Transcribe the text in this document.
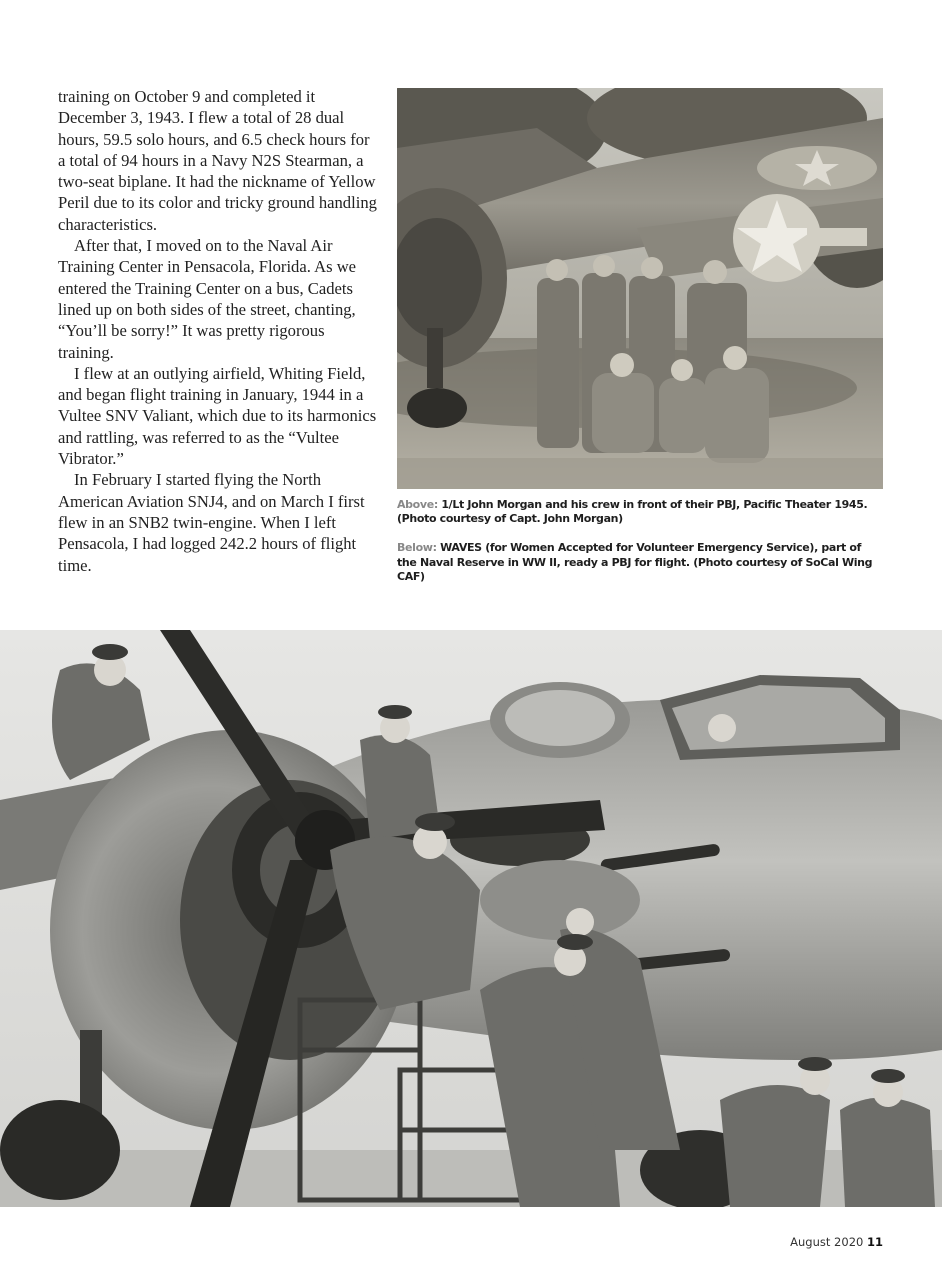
training on October 9 and completed it December 3, 1943. I flew a total of 28 dual hours, 59.5 solo hours, and 6.5 check hours for a total of 94 hours in a Navy N2S Stearman, a two-seat biplane. It had the nickname of Yellow Peril due to its color and tricky ground handling characteristics.

After that, I moved on to the Naval Air Training Center in Pensacola, Florida. As we entered the Training Center on a bus, Cadets lined up on both sides of the street, chanting, “You’ll be sorry!” It was pretty rigorous training.

I flew at an outlying airfield, Whiting Field, and began flight training in January, 1944 in a Vultee SNV Valiant, which due to its harmonics and rattling, was referred to as the “Vultee Vibrator.”

In February I started flying the North American Aviation SNJ4, and on March I first flew in an SNB2 twin-engine. When I left Pensacola, I had logged 242.2 hours of flight time.

Above: 1/Lt John Morgan and his crew in front of their PBJ, Pacific Theater 1945. (Photo courtesy of Capt. John Morgan)

Below: WAVES (for Women Accepted for Volunteer Emergency Service), part of the Naval Reserve in WW II, ready a PBJ for flight. (Photo courtesy of SoCal Wing CAF)

August 2020 11
